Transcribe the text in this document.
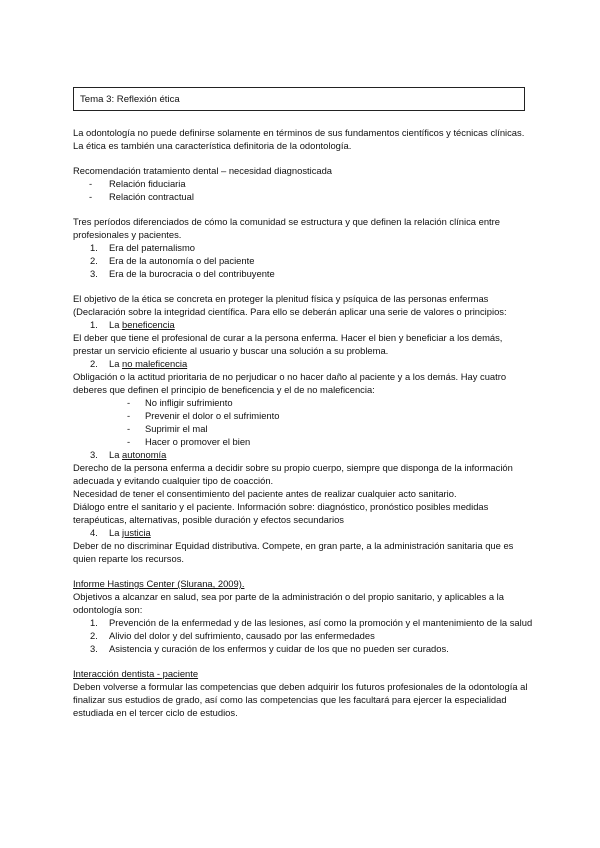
Tema 3: Reflexión ética

La odontología no puede definirse solamente en términos de sus fundamentos científicos y técnicas clínicas. La ética es también una característica definitoria de la odontología.

Recomendación tratamiento dental – necesidad diagnosticada

- Relación fiduciaria
- Relación contractual

Tres períodos diferenciados de cómo la comunidad se estructura y que definen la relación clínica entre profesionales y pacientes.

1. Era del paternalismo
2. Era de la autonomía o del paciente
3. Era de la burocracia o del contribuyente

El objetivo de la ética se concreta en proteger la plenitud física y psíquica de las personas enfermas (Declaración sobre la integridad científica. Para ello se deberán aplicar una serie de valores o principios:

1. La beneficencia

El deber que tiene el profesional de curar a la persona enferma. Hacer el bien y beneficiar a los demás, prestar un servicio eficiente al usuario y buscar una solución a su problema.

2. La no maleficencia

Obligación o la actitud prioritaria de no perjudicar o no hacer daño al paciente y a los demás. Hay cuatro deberes que definen el principio de beneficencia y el de no maleficencia:

- No infligir sufrimiento
- Prevenir el dolor o el sufrimiento
- Suprimir el mal
- Hacer o promover el bien
3. La autonomía

Derecho de la persona enferma a decidir sobre su propio cuerpo, siempre que disponga de la información adecuada y evitando cualquier tipo de coacción.

Necesidad de tener el consentimiento del paciente antes de realizar cualquier acto sanitario.

Diálogo entre el sanitario y el paciente. Información sobre: diagnóstico, pronóstico posibles medidas terapéuticas, alternativas, posible duración y efectos secundarios

4. La justicia

Deber de no discriminar Equidad distributiva. Compete, en gran parte, a la administración sanitaria que es quien reparte los recursos.

Informe Hastings Center (Slurana, 2009).

Objetivos a alcanzar en salud, sea por parte de la administración o del propio sanitario, y aplicables a la odontología son:

1. Prevención de la enfermedad y de las lesiones, así como la promoción y el mantenimiento de la salud
2. Alivio del dolor y del sufrimiento, causado por las enfermedades
3. Asistencia y curación de los enfermos y cuidar de los que no pueden ser curados.

Interacción dentista - paciente

Deben volverse a formular las competencias que deben adquirir los futuros profesionales de la odontología al finalizar sus estudios de grado, así como las competencias que les facultará para ejercer la especialidad estudiada en el tercer ciclo de estudios.
